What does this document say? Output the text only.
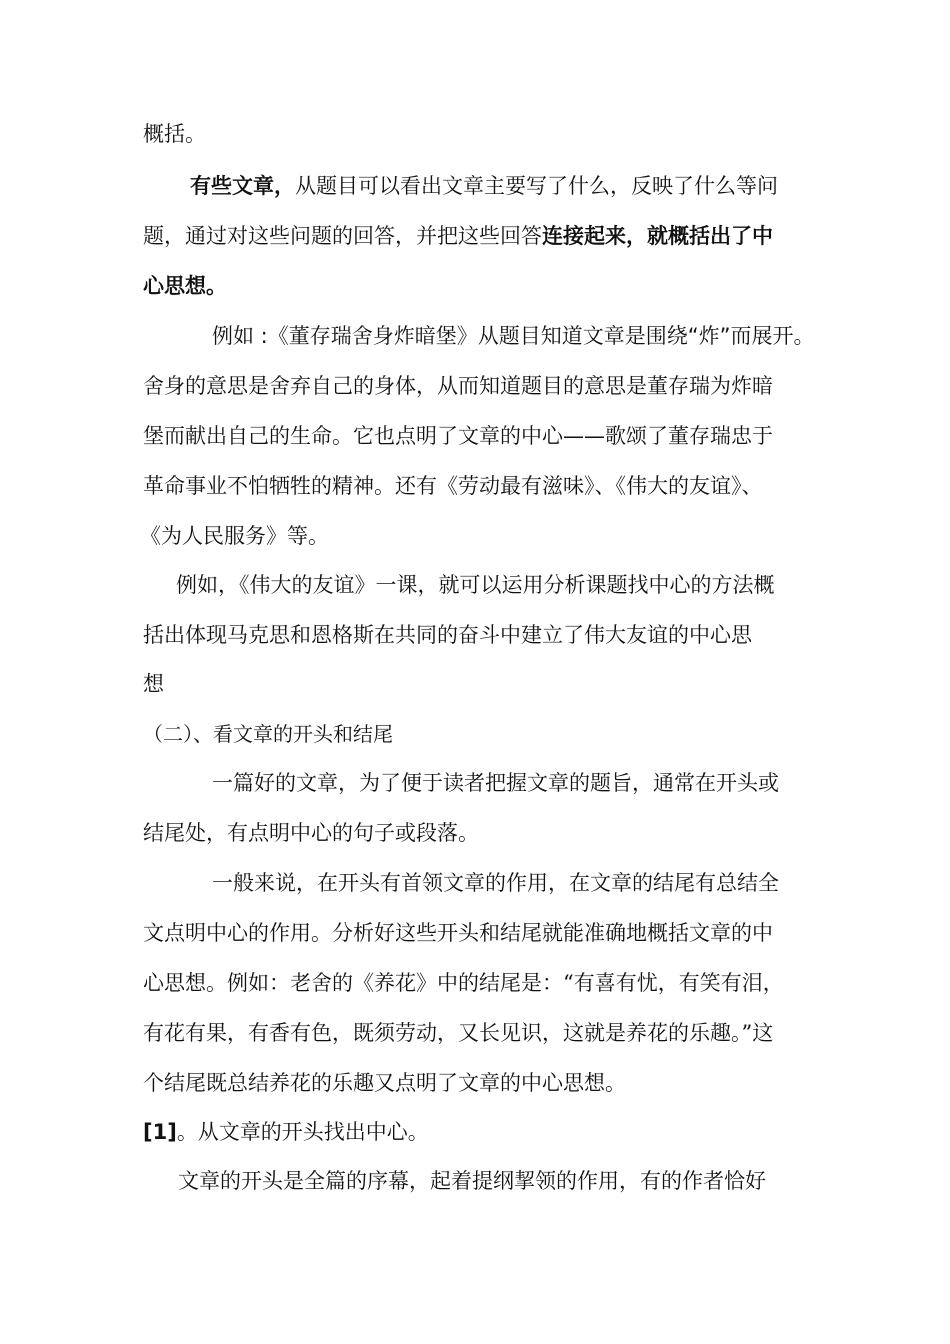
概括。
有些文章，从题目可以看出文章主要写了什么，反映了什么等问
题，通过对这些问题的回答，并把这些回答连接起来，就概括出了中
心思想。
例如 :《董存瑞舍身炸暗堡》从题目知道文章是围绕“炸”而展开。
舍身的意思是舍弃自己的身体，从而知道题目的意思是董存瑞为炸暗
堡而献出自己的生命。它也点明了文章的中心——歌颂了董存瑞忠于
革命事业不怕牺牲的精神。还有《劳动最有滋味》、《伟大的友谊》、
《为人民服务》等。
例如，《伟大的友谊》一课，就可以运用分析课题找中心的方法概
括出体现马克思和恩格斯在共同的奋斗中建立了伟大友谊的中心思
想
（二）、看文章的开头和结尾
一篇好的文章，为了便于读者把握文章的题旨，通常在开头或
结尾处，有点明中心的句子或段落。
一般来说，在开头有首领文章的作用，在文章的结尾有总结全
文点明中心的作用。分析好这些开头和结尾就能准确地概括文章的中
心思想。例如：老舍的《养花》中的结尾是：“有喜有忧，有笑有泪，
有花有果，有香有色，既须劳动，又长见识，这就是养花的乐趣。”这
个结尾既总结养花的乐趣又点明了文章的中心思想。
[1]。从文章的开头找出中心。
文章的开头是全篇的序幕，起着提纲挈领的作用，有的作者恰好
